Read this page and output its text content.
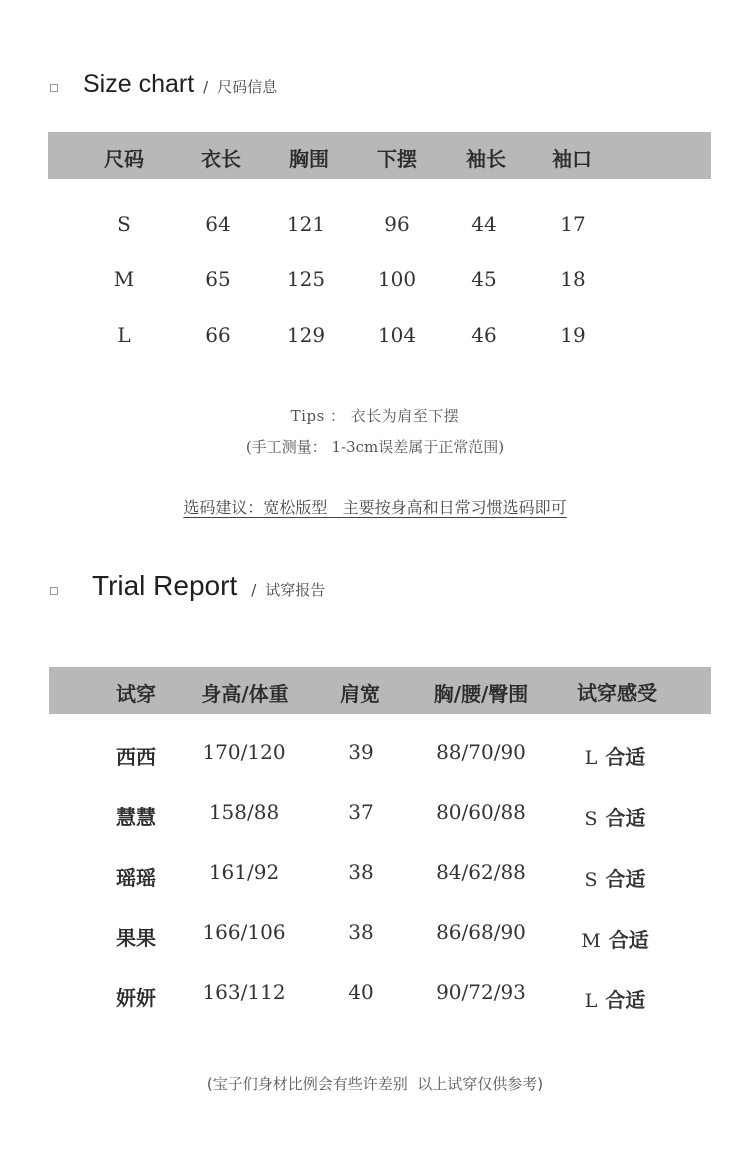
Size chart / 尺码信息
尺码	衣长 胸围 下摆 袖长 袖口
S	64	121	96	44	17
M	65	125	100	45	18
L	66	129	104	46	19
Tips ： 衣长为肩至下摆
(手工测量： 1-3cm误差属于正常范围)
选码建议：宽松版型   主要按身高和日常习惯选码即可
Trial Report / 试穿报告
试穿 身高/体重	肩宽	胸/腰/臀围 试穿感受
西西 170/120	39	88/70/90	L 合适
慧慧	158/88	37	80/60/88	S 合适
瑶瑶	161/92	38	84/62/88	S 合适
果果 166/106	38	86/68/90	M 合适
妍妍 163/112	40	90/72/93	L 合适
(宝子们身材比例会有些许差别  以上试穿仅供参考)
